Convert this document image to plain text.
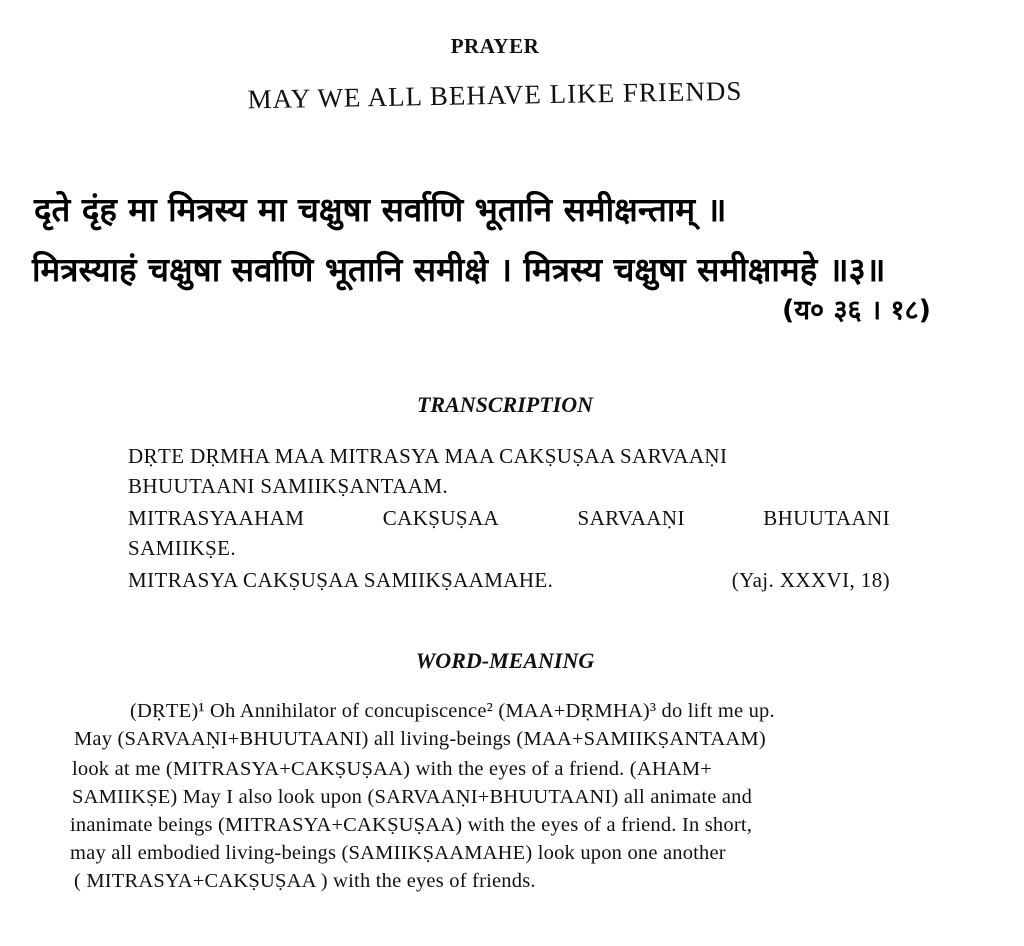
PRAYER
MAY WE ALL BEHAVE LIKE FRIENDS
दृते दृंह मा मित्रस्य मा चक्षुषा सर्वाणि भूतानि समीक्षन्ताम् ॥
मित्रस्याहं चक्षुषा सर्वाणि भूतानि समीक्षे । मित्रस्य चक्षुषा समीक्षामहे ॥३॥
(य० ३६ । १८)
TRANSCRIPTION
DṚTE DṚMHA MAA MITRASYA MAA CAKṢUṢAA SARVAAṆI
BHUUTAANI SAMIIKṢANTAAM.
MITRASYAAHAM	CAKṢUṢAA	SARVAAṆI	BHUUTAANI
SAMIIKṢE.
MITRASYA CAKṢUṢAA SAMIIKṢAAMAHE.	(Yaj. XXXVI, 18)
WORD-MEANING
(DṚTE)¹ Oh Annihilator of concupiscence² (MAA+DṚMHA)³ do lift me up.
May (SARVAAṆI+BHUUTAANI) all living-beings (MAA+SAMIIKṢANTAAM)
look at me (MITRASYA+CAKṢUṢAA) with the eyes of a friend. (AHAM+
SAMIIKṢE) May I also look upon (SARVAAṆI+BHUUTAANI) all animate and
inanimate beings (MITRASYA+CAKṢUṢAA) with the eyes of a friend. In short,
may all embodied living-beings (SAMIIKṢAAMAHE) look upon one another
( MITRASYA+CAKṢUṢAA ) with the eyes of friends.
